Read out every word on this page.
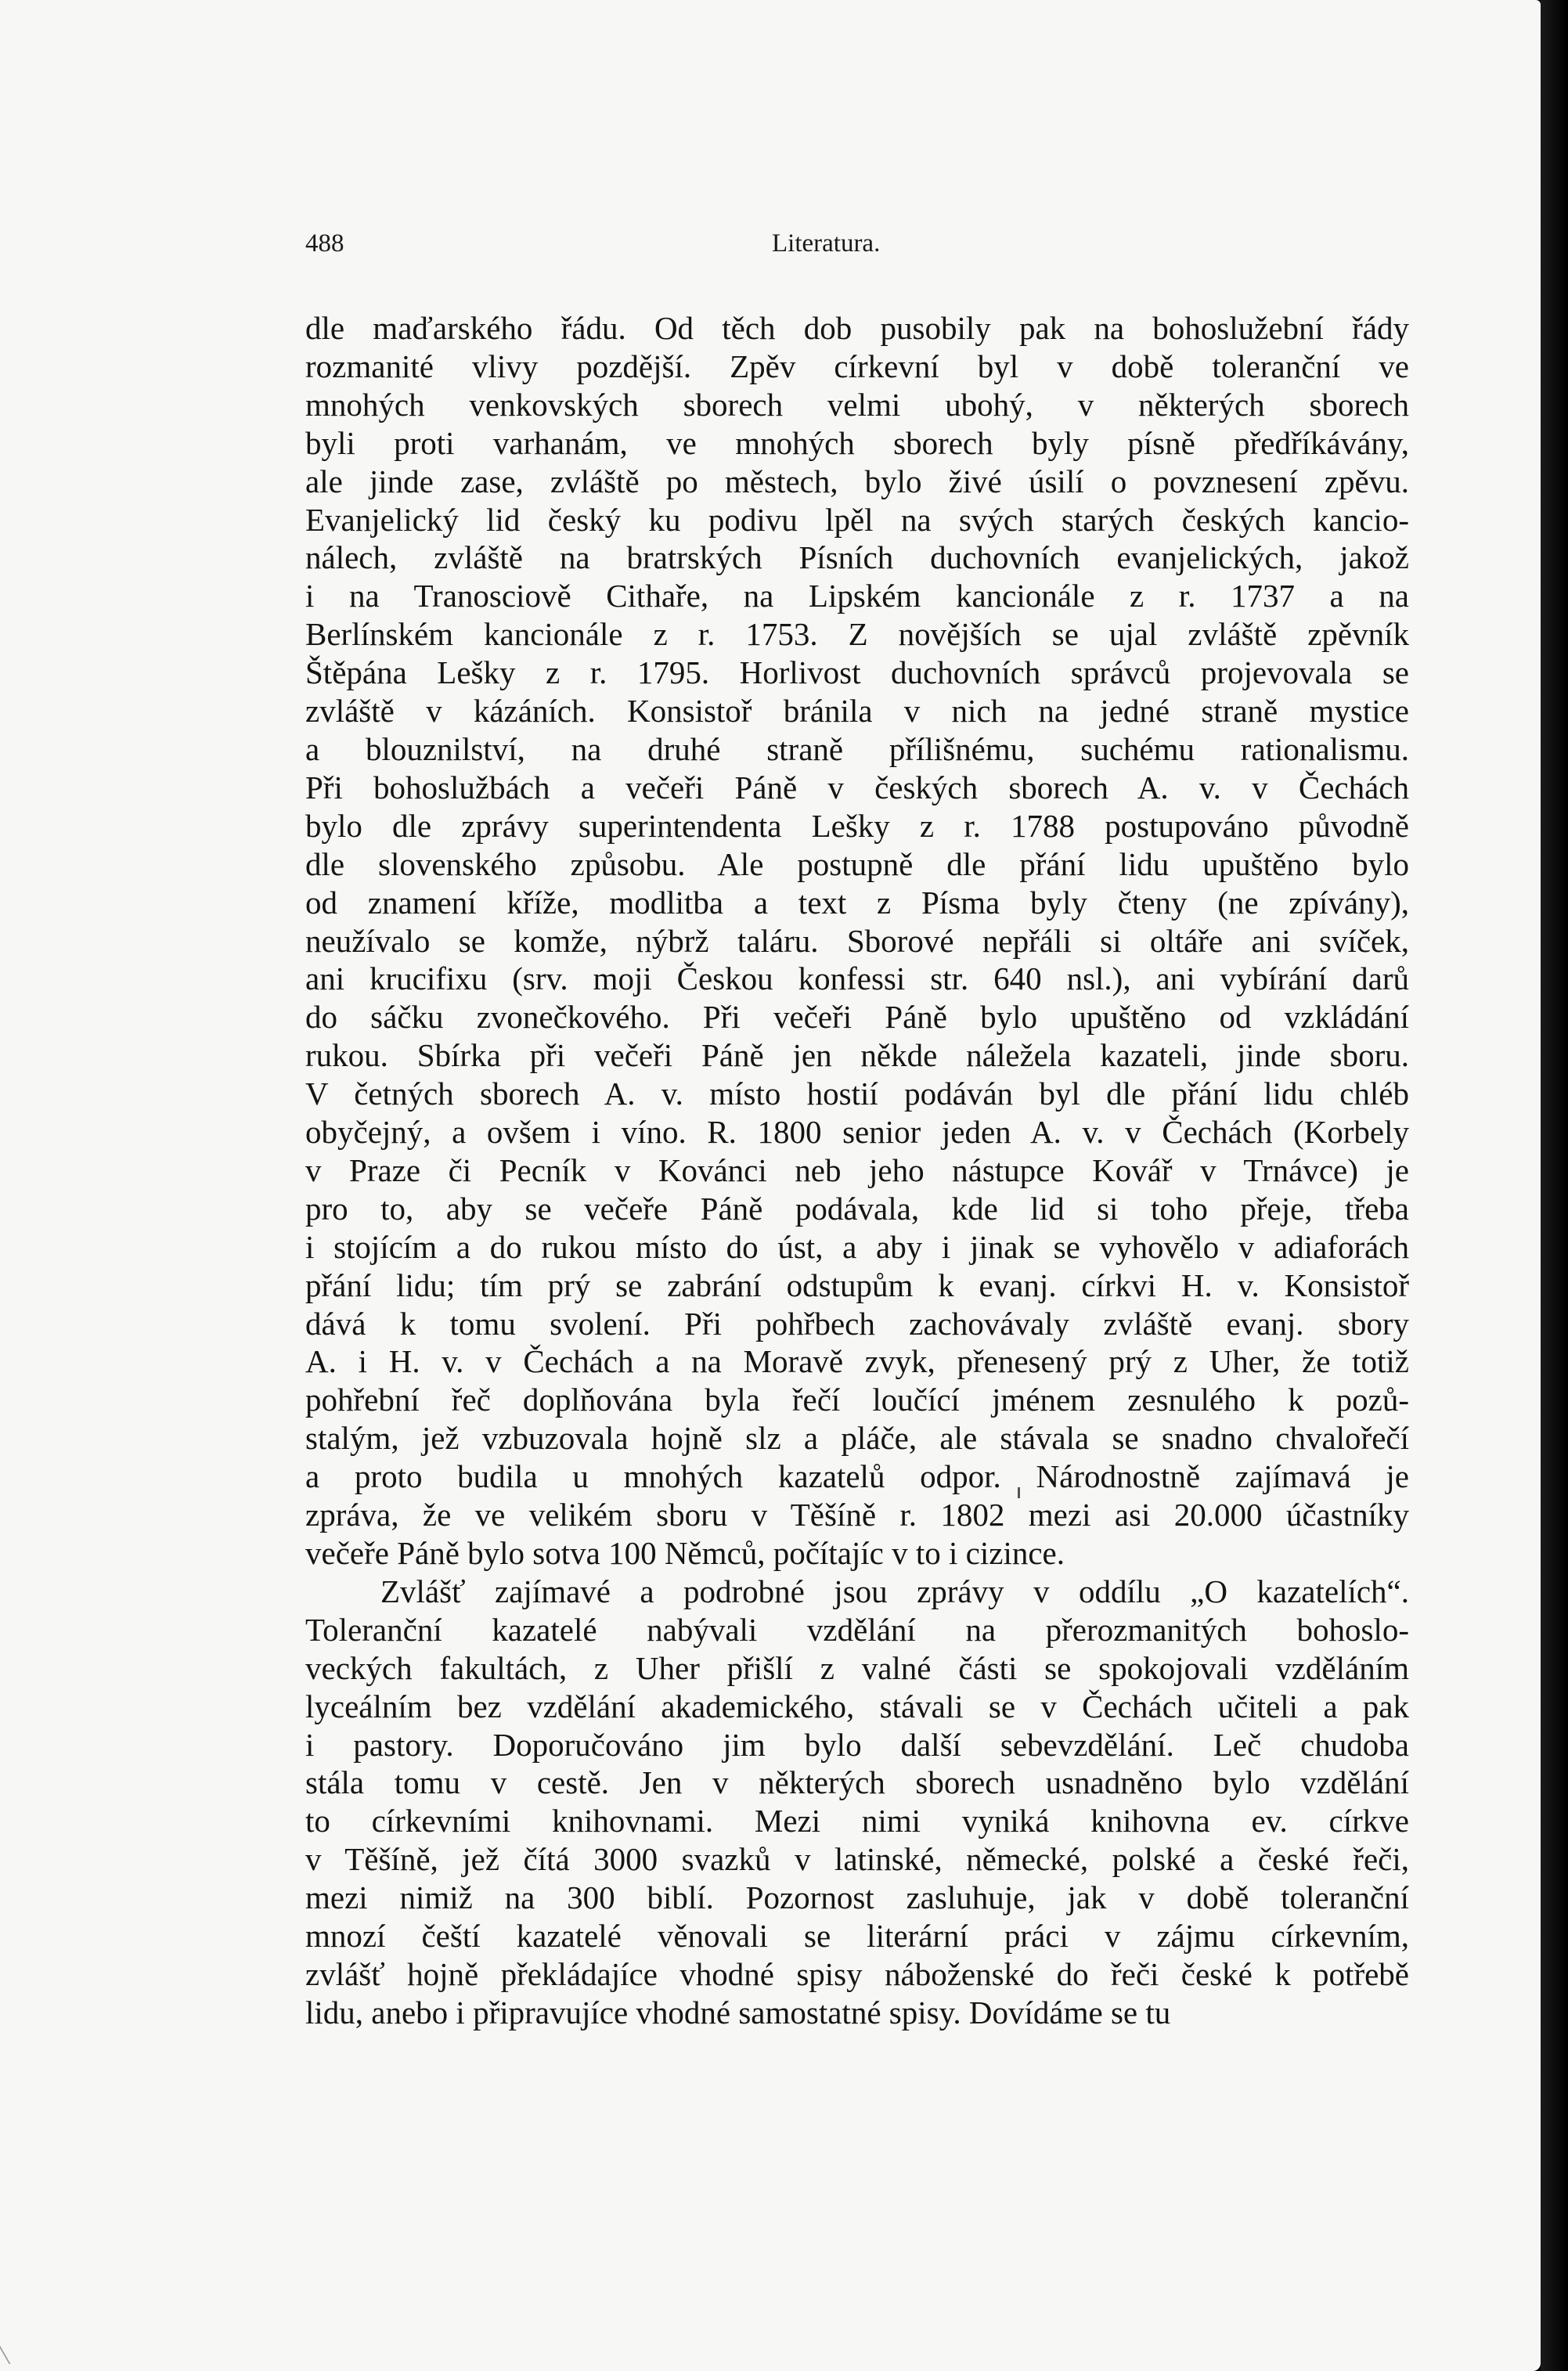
488	Literatura.
dle maďarského řádu. Od těch dob pusobily pak na bohoslužební řády
rozmanité vlivy pozdější. Zpěv církevní byl v době toleranční ve
mnohých venkovských sborech velmi ubohý, v některých sborech
byli proti varhanám, ve mnohých sborech byly písně předříkávány,
ale jinde zase, zvláště po městech, bylo živé úsilí o povznesení zpěvu.
Evanjelický lid český ku podivu lpěl na svých starých českých kancio-
nálech, zvláště na bratrských Písních duchovních evanjelických, jakož
i na Tranosciově Cithaře, na Lipském kancionále z r. 1737 a na
Berlínském kancionále z r. 1753. Z novějších se ujal zvláště zpěvník
Štěpána Lešky z r. 1795. Horlivost duchovních správců projevovala se
zvláště v kázáních. Konsistoř bránila v nich na jedné straně mystice
a blouznilství, na druhé straně přílišnému, suchému rationalismu.
Při bohoslužbách a večeři Páně v českých sborech A. v. v Čechách
bylo dle zprávy superintendenta Lešky z r. 1788 postupováno původně
dle slovenského způsobu. Ale postupně dle přání lidu upuštěno bylo
od znamení kříže, modlitba a text z Písma byly čteny (ne zpívány),
neužívalo se komže, nýbrž taláru. Sborové nepřáli si oltáře ani svíček,
ani krucifixu (srv. moji Českou konfessi str. 640 nsl.), ani vybírání darů
do sáčku zvonečkového. Při večeři Páně bylo upuštěno od vzkládání
rukou. Sbírka při večeři Páně jen někde náležela kazateli, jinde sboru.
V četných sborech A. v. místo hostií podáván byl dle přání lidu chléb
obyčejný, a ovšem i víno. R. 1800 senior jeden A. v. v Čechách (Korbely
v Praze či Pecník v Kovánci neb jeho nástupce Kovář v Trnávce) je
pro to, aby se večeře Páně podávala, kde lid si toho přeje, třeba
i stojícím a do rukou místo do úst, a aby i jinak se vyhovělo v adiaforách
přání lidu; tím prý se zabrání odstupům k evanj. církvi H. v. Konsistoř
dává k tomu svolení. Při pohřbech zachovávaly zvláště evanj. sbory
A. i H. v. v Čechách a na Moravě zvyk, přenesený prý z Uher, že totiž
pohřební řeč doplňována byla řečí loučící jménem zesnulého k pozů-
stalým, jež vzbuzovala hojně slz a pláče, ale stávala se snadno chvalořečí
a proto budila u mnohých kazatelů odpor. Národnostně zajímavá je
zpráva, že ve velikém sboru v Těšíně r. 1802 mezi asi 20.000 účastníky
večeře Páně bylo sotva 100 Němců, počítajíc v to i cizince.
Zvlášť zajímavé a podrobné jsou zprávy v oddílu „O kazatelích“.
Toleranční kazatelé nabývali vzdělání na přerozmanitých bohoslo-
veckých fakultách, z Uher přišlí z valné části se spokojovali vzděláním
lyceálním bez vzdělání akademického, stávali se v Čechách učiteli a pak
i pastory. Doporučováno jim bylo další sebevzdělání. Leč chudoba
stála tomu v cestě. Jen v některých sborech usnadněno bylo vzdělání
to církevními knihovnami. Mezi nimi vyniká knihovna ev. církve
v Těšíně, jež čítá 3000 svazků v latinské, německé, polské a české řeči,
mezi nimiž na 300 biblí. Pozornost zasluhuje, jak v době toleranční
mnozí čeští kazatelé věnovali se literární práci v zájmu církevním,
zvlášť hojně překládajíce vhodné spisy náboženské do řeči české k potřebě
lidu, anebo i připravujíce vhodné samostatné spisy. Dovídáme se tu
